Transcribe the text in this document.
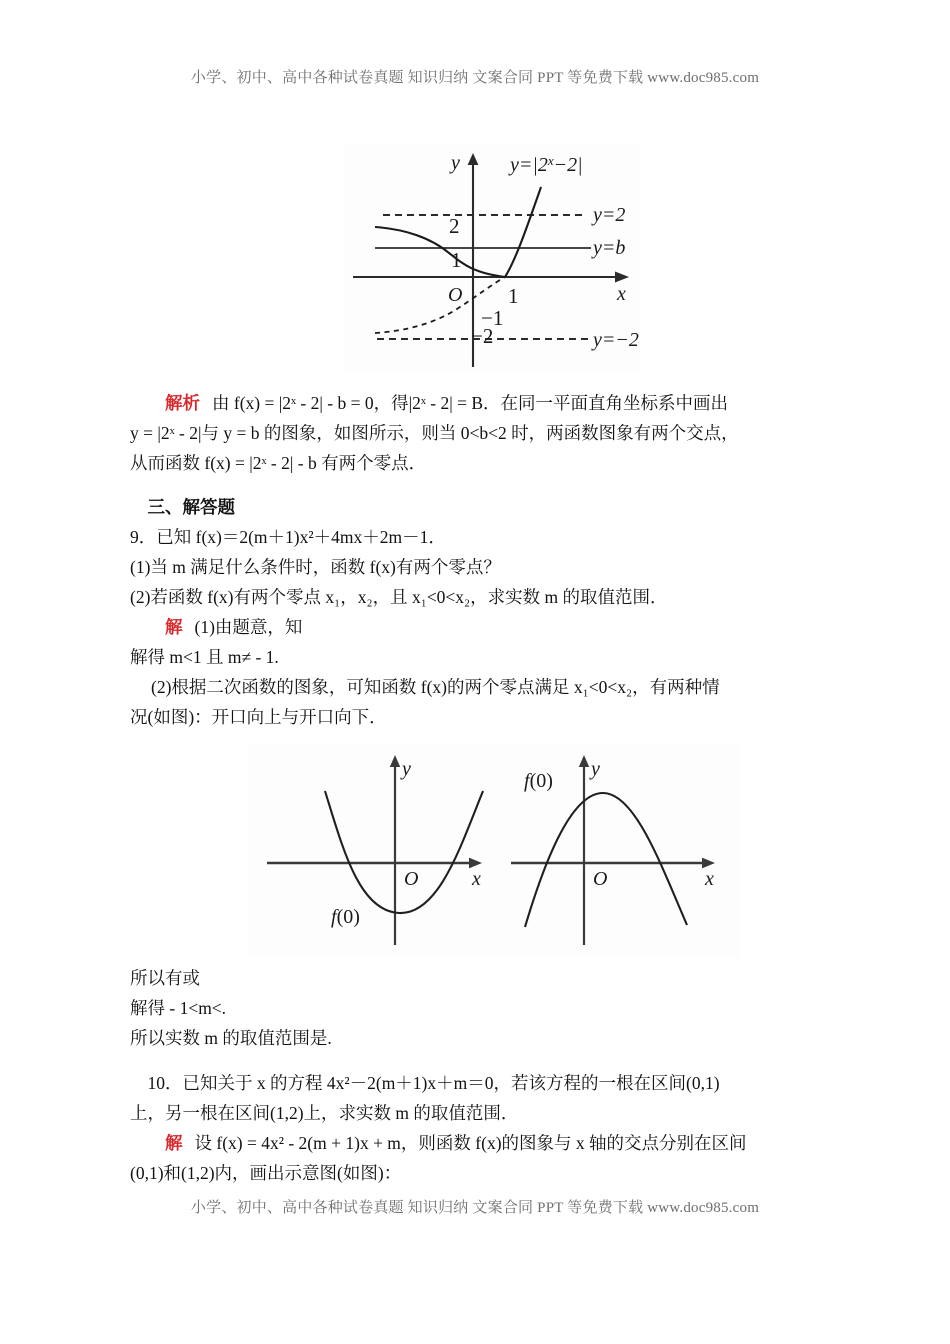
小学、初中、高中各种试卷真题 知识归纳 文案合同 PPT 等免费下载 www.doc985.com
y
x
O
$y=|2^x-2|$
y=2
y=b
y=−2
2
1
1
−1
−2

解析 由 f(x) = |2ˣ - 2| - b = 0，得|2ˣ - 2| = B．在同一平面直角坐标系中画出

y = |2ˣ - 2|与 y = b 的图象，如图所示，则当 0<b<2 时，两函数图象有两个交点，

从而函数 f(x) = |2ˣ - 2| - b 有两个零点．

三、解答题

9．已知 f(x)＝2(m＋1)x²＋4mx＋2m－1．

(1)当 m 满足什么条件时，函数 f(x)有两个零点？

(2)若函数 f(x)有两个零点 x₁，x₂，且 x₁<0<x₂，求实数 m 的取值范围．

解 (1)由题意，知

解得 m<1 且 m≠ - 1.

(2)根据二次函数的图象，可知函数 f(x)的两个零点满足 x₁<0<x₂，有两种情

况(如图)：开口向上与开口向下．

y
x
O
f(0)
y
x
O
f(0)

所以有或

解得 - 1<m<.

所以实数 m 的取值范围是.

10．已知关于 x 的方程 4x²－2(m＋1)x＋m＝0，若该方程的一根在区间(0,1)

上，另一根在区间(1,2)上，求实数 m 的取值范围．

解 设 f(x) = 4x² - 2(m + 1)x + m，则函数 f(x)的图象与 x 轴的交点分别在区间

(0,1)和(1,2)内，画出示意图(如图)：

小学、初中、高中各种试卷真题 知识归纳 文案合同 PPT 等免费下载 www.doc985.com
